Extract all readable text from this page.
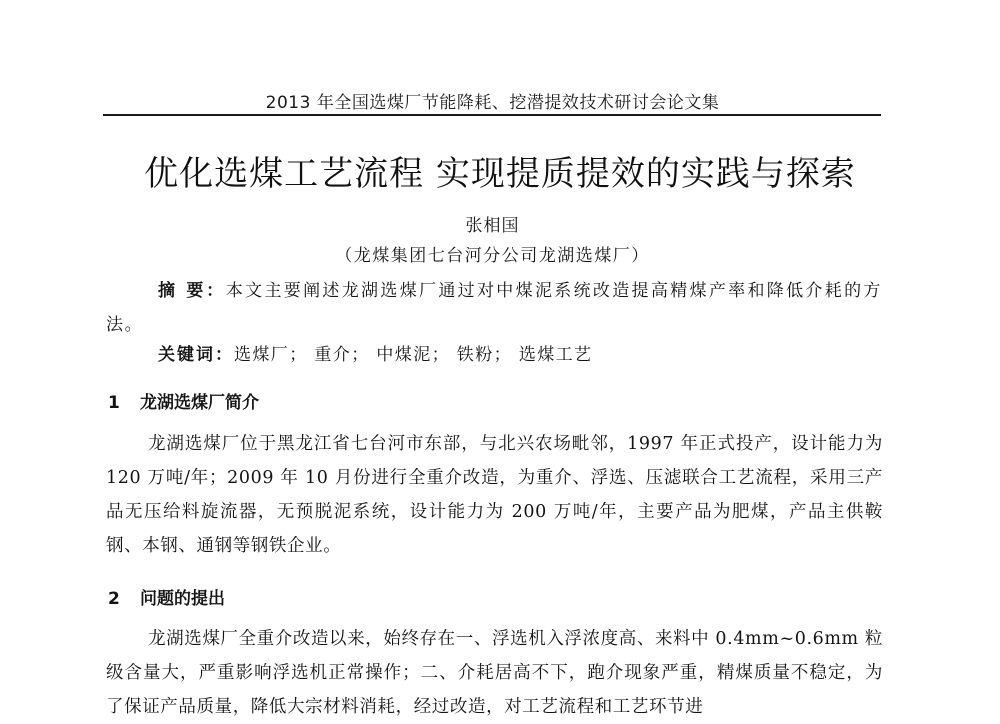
2013 年全国选煤厂节能降耗、挖潜提效技术研讨会论文集
优化选煤工艺流程 实现提质提效的实践与探索
张相国
（龙煤集团七台河分公司龙湖选煤厂）

摘 要：本文主要阐述龙湖选煤厂通过对中煤泥系统改造提高精煤产率和降低介耗的方法。

关键词：选煤厂； 重介； 中煤泥； 铁粉； 选煤工艺
1 龙湖选煤厂简介

龙湖选煤厂位于黑龙江省七台河市东部，与北兴农场毗邻，1997 年正式投产，设计能力为 120 万吨/年；2009 年 10 月份进行全重介改造，为重介、浮选、压滤联合工艺流程，采用三产品无压给料旋流器，无预脱泥系统，设计能力为 200 万吨/年，主要产品为肥煤，产品主供鞍钢、本钢、通钢等钢铁企业。

2 问题的提出

龙湖选煤厂全重介改造以来，始终存在一、浮选机入浮浓度高、来料中 0.4mm~0.6mm 粒级含量大，严重影响浮选机正常操作；二、介耗居高不下，跑介现象严重，精煤质量不稳定，为了保证产品质量，降低大宗材料消耗，经过改造，对工艺流程和工艺环节进
